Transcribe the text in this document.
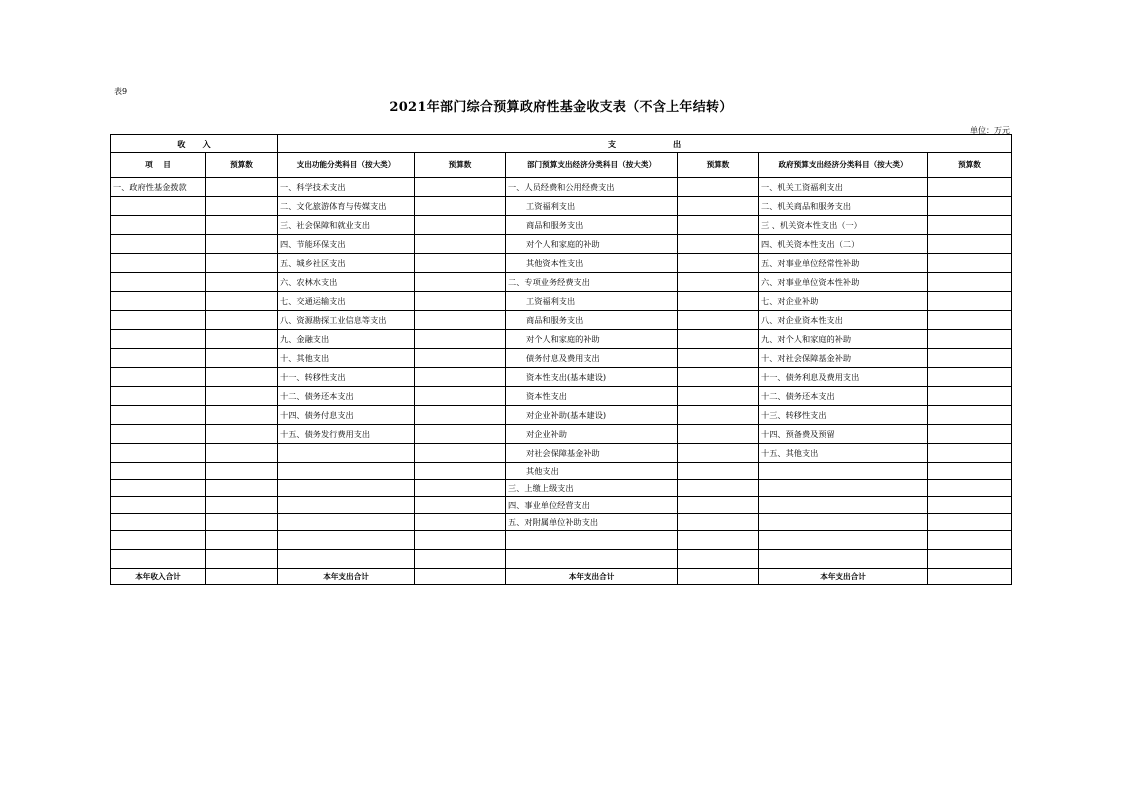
表9
2021年部门综合预算政府性基金收支表（不含上年结转）
单位：万元
收      入		支                    出					
项    目	预算数	支出功能分类科目（按大类）	预算数	部门预算支出经济分类科目（按大类）	预算数	政府预算支出经济分类科目（按大类）	预算数
一、政府性基金拨款		一、科学技术支出		一、人员经费和公用经费支出		一、机关工资福利支出	
		二、文化旅游体育与传媒支出		工资福利支出		二、机关商品和服务支出	
		三、社会保障和就业支出		商品和服务支出		三 、机关资本性支出（一）	
		四、节能环保支出		对个人和家庭的补助		四、机关资本性支出（二）	
		五、城乡社区支出		其他资本性支出		五、对事业单位经常性补助	
		六、农林水支出		二、专项业务经费支出		六、对事业单位资本性补助	
		七、交通运输支出		工资福利支出		七、对企业补助	
		八、资源勘探工业信息等支出		商品和服务支出		八、对企业资本性支出	
		九、金融支出		对个人和家庭的补助		九、对个人和家庭的补助	
		十、其他支出		债务付息及费用支出		十、对社会保障基金补助	
		十一、转移性支出		资本性支出(基本建设)		十一、债务利息及费用支出	
		十二、债务还本支出		资本性支出		十二、债务还本支出	
		十四、债务付息支出		对企业补助(基本建设)		十三、转移性支出	
		十五、债务发行费用支出		对企业补助		十四、预备费及预留	
				对社会保障基金补助		十五、其他支出	
				其他支出			
				三、上缴上级支出			
				四、事业单位经营支出			
				五、对附属单位补助支出			

本年收入合计		本年支出合计		本年支出合计		本年支出合计	
